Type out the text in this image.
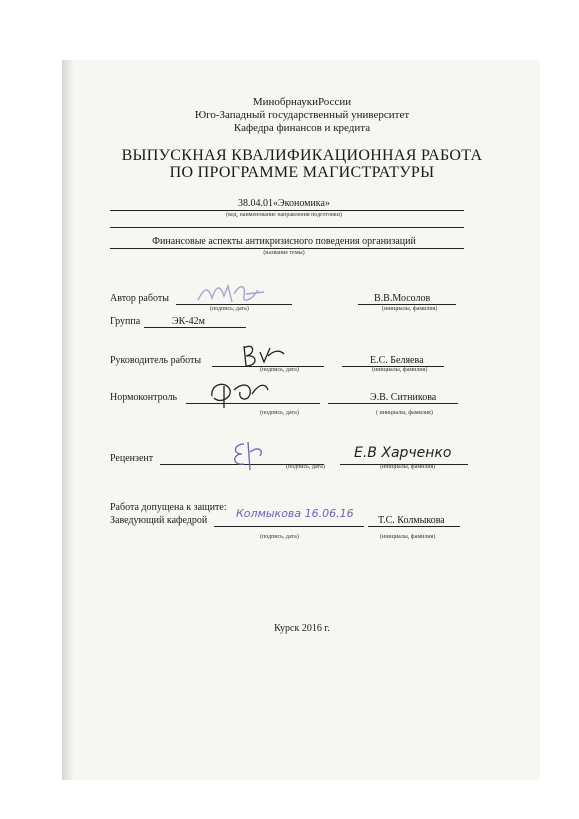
МинобрнаукиРоссии
Юго-Западный государственный университет
Кафедра финансов и кредита
ВЫПУСКНАЯ КВАЛИФИКАЦИОННАЯ РАБОТА
ПО ПРОГРАММЕ МАГИСТРАТУРЫ
38.04.01«Экономика»
(код, наименование направления подготовки)
Финансовые аспекты антикризисного поведения организаций
(название темы)
Автор работы
(подпись, дата)
В.В.Мосолов
(инициалы, фамилия)
Группа	ЭК-42м
Руководитель работы
(подпись, дата)
Е.С. Беляева
(инициалы, фамилия)
Нормоконтроль
(подпись, дата)
Э.В. Ситникова
( инициалы, фамилия)
Рецензент
(подпись, дата)
Е.В Харченко
(инициалы, фамилия)
Работа допущена к защите:
Заведующий кафедрой
Колмыкова 16.06.16
(подпись, дата)
Т.С. Колмыкова
(инициалы, фамилия)
Курск 2016 г.
